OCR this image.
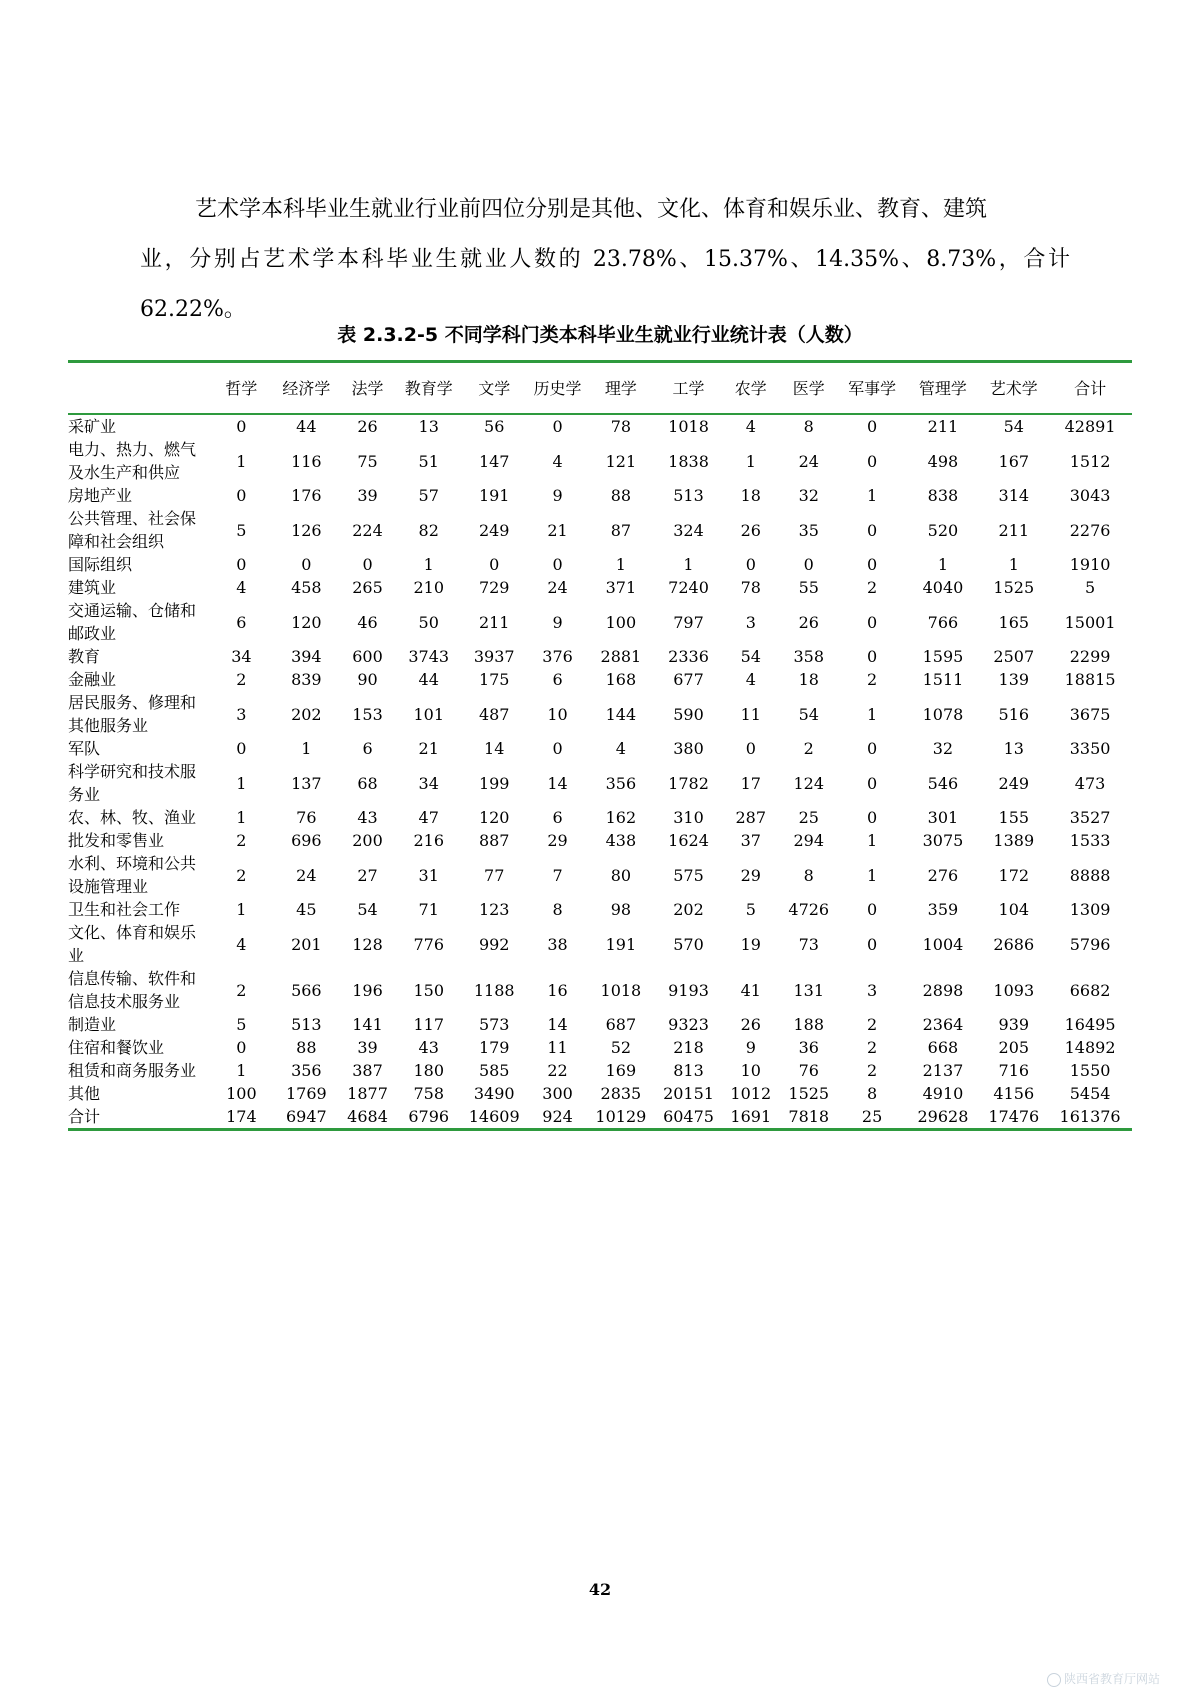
艺术学本科毕业生就业行业前四位分别是其他、文化、体育和娱乐业、教育、建筑
业，分别占艺术学本科毕业生就业人数的 23.78%、15.37%、14.35%、8.73%，合计 62.22%。

表 2.3.2-5 不同学科门类本科毕业生就业行业统计表（人数）
	哲学	经济学	法学	教育学	文学	历史学	理学	工学	农学	医学	军事学	管理学	艺术学	合计
采矿业	0	44	26	13	56	0	78	1018	4	8	0	211	54	42891
电力、热力、燃气及水生产和供应	1	116	75	51	147	4	121	1838	1	24	0	498	167	1512
房地产业	0	176	39	57	191	9	88	513	18	32	1	838	314	3043
公共管理、社会保障和社会组织	5	126	224	82	249	21	87	324	26	35	0	520	211	2276
国际组织	0	0	0	1	0	0	1	1	0	0	0	1	1	1910
建筑业	4	458	265	210	729	24	371	7240	78	55	2	4040	1525	5
交通运输、仓储和邮政业	6	120	46	50	211	9	100	797	3	26	0	766	165	15001
教育	34	394	600	3743	3937	376	2881	2336	54	358	0	1595	2507	2299
金融业	2	839	90	44	175	6	168	677	4	18	2	1511	139	18815
居民服务、修理和其他服务业	3	202	153	101	487	10	144	590	11	54	1	1078	516	3675
军队	0	1	6	21	14	0	4	380	0	2	0	32	13	3350
科学研究和技术服务业	1	137	68	34	199	14	356	1782	17	124	0	546	249	473
农、林、牧、渔业	1	76	43	47	120	6	162	310	287	25	0	301	155	3527
批发和零售业	2	696	200	216	887	29	438	1624	37	294	1	3075	1389	1533
水利、环境和公共设施管理业	2	24	27	31	77	7	80	575	29	8	1	276	172	8888
卫生和社会工作	1	45	54	71	123	8	98	202	5	4726	0	359	104	1309
文化、体育和娱乐业	4	201	128	776	992	38	191	570	19	73	0	1004	2686	5796
信息传输、软件和信息技术服务业	2	566	196	150	1188	16	1018	9193	41	131	3	2898	1093	6682
制造业	5	513	141	117	573	14	687	9323	26	188	2	2364	939	16495
住宿和餐饮业	0	88	39	43	179	11	52	218	9	36	2	668	205	14892
租赁和商务服务业	1	356	387	180	585	22	169	813	10	76	2	2137	716	1550
其他	100	1769	1877	758	3490	300	2835	20151	1012	1525	8	4910	4156	5454
合计	174	6947	4684	6796	14609	924	10129	60475	1691	7818	25	29628	17476	161376
42
陕西省教育厅网站
